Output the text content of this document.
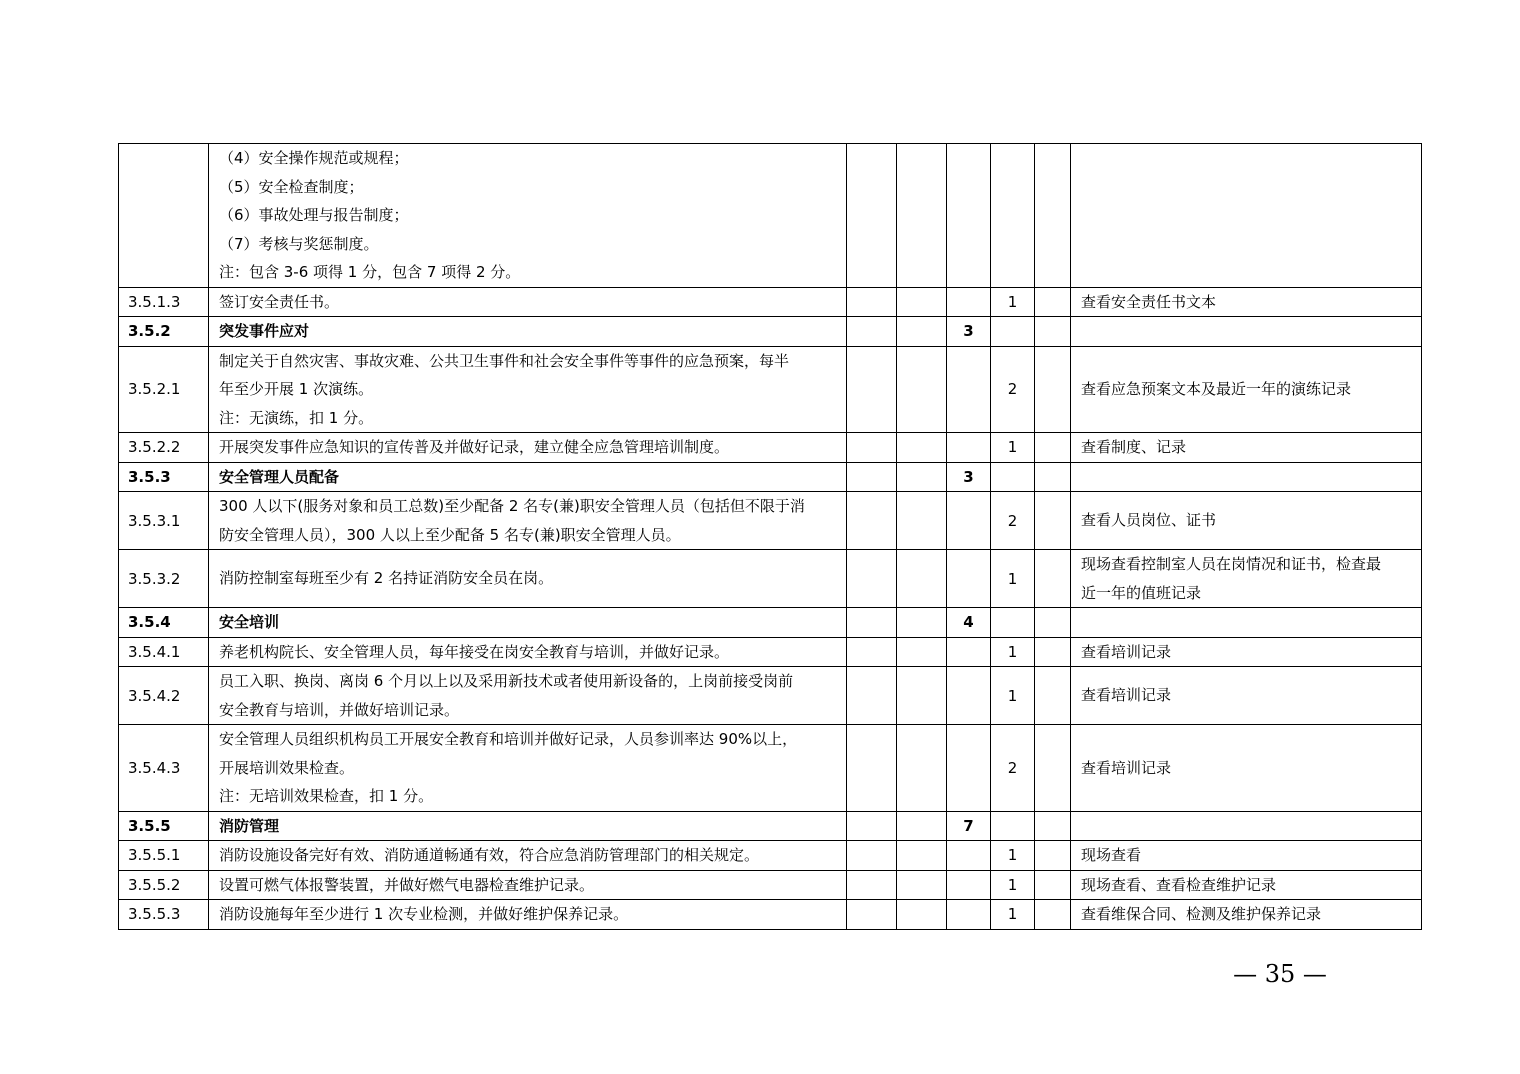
	（4）安全操作规范或规程；
（5）安全检查制度；
（6）事故处理与报告制度；
（7）考核与奖惩制度。
注：包含 3-6 项得 1 分，包含 7 项得 2 分。						

3.5.1.3	签订安全责任书。				1		查看安全责任书文本

3.5.2	突发事件应对			3			
3.5.2.1	制定关于自然灾害、事故灾难、公共卫生事件和社会安全事件等事件的应急预案，每半
年至少开展 1 次演练。
注：无演练，扣 1 分。				2		查看应急预案文本及最近一年的演练记录

3.5.2.2	开展突发事件应急知识的宣传普及并做好记录，建立健全应急管理培训制度。				1		查看制度、记录

3.5.3	安全管理人员配备			3			
3.5.3.1	300 人以下(服务对象和员工总数)至少配备 2 名专(兼)职安全管理人员（包括但不限于消
防安全管理人员），300 人以上至少配备 5 名专(兼)职安全管理人员。				2		查看人员岗位、证书

3.5.3.2	消防控制室每班至少有 2 名持证消防安全员在岗。				1		现场查看控制室人员在岗情况和证书，检查最
近一年的值班记录

3.5.4	安全培训			4			
3.5.4.1	养老机构院长、安全管理人员，每年接受在岗安全教育与培训，并做好记录。				1		查看培训记录

3.5.4.2	员工入职、换岗、离岗 6 个月以上以及采用新技术或者使用新设备的，上岗前接受岗前
安全教育与培训，并做好培训记录。				1		查看培训记录

3.5.4.3	安全管理人员组织机构员工开展安全教育和培训并做好记录，人员参训率达 90%以上，
开展培训效果检查。
注：无培训效果检查，扣 1 分。				2		查看培训记录

3.5.5	消防管理			7			
3.5.5.1	消防设施设备完好有效、消防通道畅通有效，符合应急消防管理部门的相关规定。				1		现场查看

3.5.5.2	设置可燃气体报警装置，并做好燃气电器检查维护记录。				1		现场查看、查看检查维护记录

3.5.5.3	消防设施每年至少进行 1 次专业检测，并做好维护保养记录。				1		查看维保合同、检测及维护保养记录
— 35 —
